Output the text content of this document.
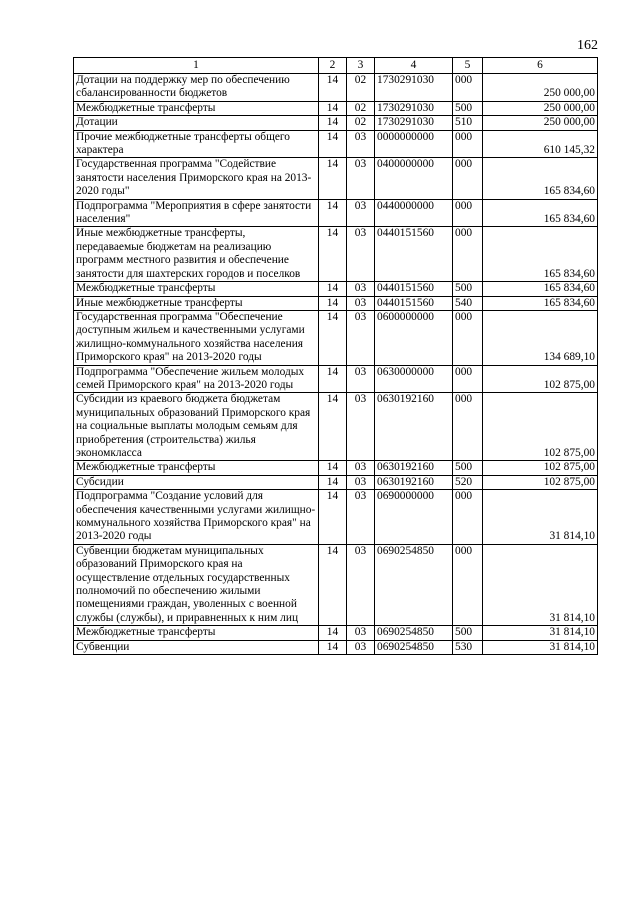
162
1	2	3	4	5	6
Дотации на поддержку мер по обеспечению сбалансированности бюджетов	14	02	1730291030	000	250 000,00
Межбюджетные трансферты	14	02	1730291030	500	250 000,00
Дотации	14	02	1730291030	510	250 000,00
Прочие межбюджетные трансферты общего характера	14	03	0000000000	000	610 145,32
Государственная программа "Содействие занятости населения Приморского края на 2013-2020 годы"	14	03	0400000000	000	165 834,60
Подпрограмма "Мероприятия в сфере занятости населения"	14	03	0440000000	000	165 834,60
Иные межбюджетные трансферты, передаваемые бюджетам на реализацию программ местного развития и обеспечение занятости для шахтерских городов и поселков	14	03	0440151560	000	165 834,60
Межбюджетные трансферты	14	03	0440151560	500	165 834,60
Иные межбюджетные трансферты	14	03	0440151560	540	165 834,60
Государственная программа "Обеспечение доступным жильем и качественными услугами жилищно-коммунального хозяйства населения Приморского края" на 2013-2020 годы	14	03	0600000000	000	134 689,10
Подпрограмма "Обеспечение жильем молодых семей Приморского края" на 2013-2020 годы	14	03	0630000000	000	102 875,00
Субсидии из краевого бюджета бюджетам муниципальных образований Приморского края на социальные выплаты молодым семьям для приобретения (строительства) жилья экономкласса	14	03	0630192160	000	102 875,00
Межбюджетные трансферты	14	03	0630192160	500	102 875,00
Субсидии	14	03	0630192160	520	102 875,00
Подпрограмма "Создание условий для обеспечения качественными услугами жилищно-коммунального хозяйства Приморского края" на 2013-2020 годы	14	03	0690000000	000	31 814,10
Субвенции бюджетам муниципальных образований Приморского края на осуществление отдельных государственных полномочий по обеспечению жилыми помещениями граждан, уволенных с военной службы (службы), и приравненных к ним лиц	14	03	0690254850	000	31 814,10
Межбюджетные трансферты	14	03	0690254850	500	31 814,10
Субвенции	14	03	0690254850	530	31 814,10
